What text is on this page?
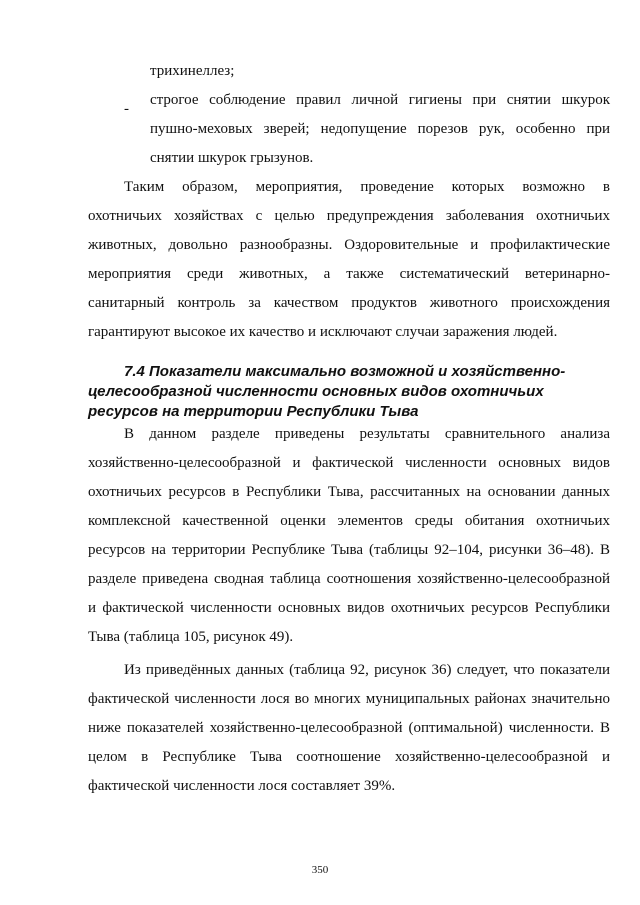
трихинеллез;
-
строгое соблюдение правил личной гигиены при снятии шкурок
пушно-меховых зверей; недопущение порезов рук, особенно при
снятии шкурок грызунов.
Таким образом, мероприятия, проведение которых возможно в
охотничьих хозяйствах с целью предупреждения заболевания охотничьих
животных, довольно разнообразны. Оздоровительные и профилактические
мероприятия среди животных, а также систематический ветеринарно-
санитарный контроль за качеством продуктов животного происхождения
гарантируют высокое их качество и исключают случаи заражения людей.
7.4 Показатели максимально возможной и хозяйственно-
целесообразной численности основных видов охотничьих
ресурсов на территории Республики Тыва
В данном разделе приведены результаты сравнительного анализа
хозяйственно-целесообразной и фактической численности основных видов
охотничьих ресурсов в Республики Тыва, рассчитанных на основании данных
комплексной качественной оценки элементов среды обитания охотничьих
ресурсов на территории Республике Тыва (таблицы 92–104, рисунки 36–48). В
разделе приведена сводная таблица соотношения хозяйственно-целесообразной
и фактической численности основных видов охотничьих ресурсов Республики
Тыва (таблица 105, рисунок 49).
Из приведённых данных (таблица 92, рисунок 36) следует, что показатели
фактической численности лося во многих муниципальных районах значительно
ниже показателей хозяйственно-целесообразной (оптимальной) численности. В
целом в Республике Тыва соотношение хозяйственно-целесообразной и
фактической численности лося составляет 39%.
350
